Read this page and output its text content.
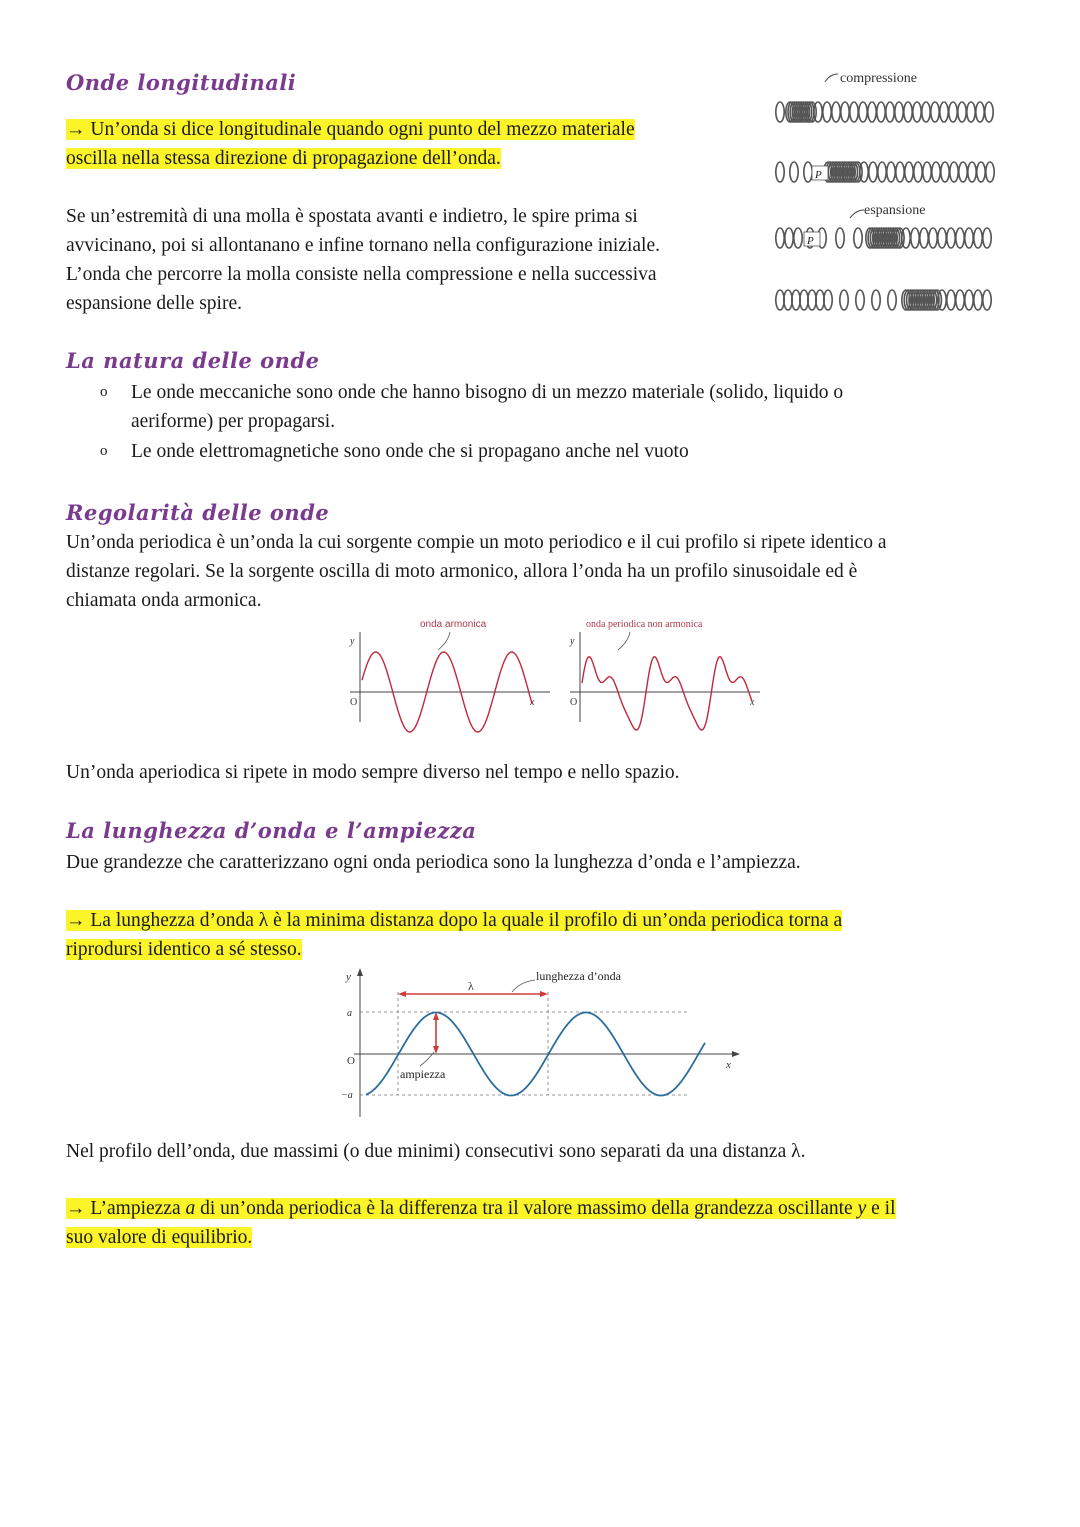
Onde longitudinali
→ Un’onda si dice longitudinale quando ogni punto del mezzo materiale
oscilla nella stessa direzione di propagazione dell’onda.
Se un’estremità di una molla è spostata avanti e indietro, le spire prima si
avvicinano, poi si allontanano e infine tornano nella configurazione iniziale.
L’onda che percorre la molla consiste nella compressione e nella successiva
espansione delle spire.
compressione
espansione
P
P
La natura delle onde
o Le onde meccaniche sono onde che hanno bisogno di un mezzo materiale (solido, liquido o
aeriforme) per propagarsi.
o Le onde elettromagnetiche sono onde che si propagano anche nel vuoto
Regolarità delle onde
Un’onda periodica è un’onda la cui sorgente compie un moto periodico e il cui profilo si ripete identico a
distanze regolari. Se la sorgente oscilla di moto armonico, allora l’onda ha un profilo sinusoidale ed è
chiamata onda armonica.
onda armonica
y
x
O
onda periodica non armonica
y
x
O
Un’onda aperiodica si ripete in modo sempre diverso nel tempo e nello spazio.
La lunghezza d’onda e l’ampiezza
Due grandezze che caratterizzano ogni onda periodica sono la lunghezza d’onda e l’ampiezza.
→ La lunghezza d’onda λ è la minima distanza dopo la quale il profilo di un’onda periodica torna a
riprodursi identico a sé stesso.
y
x
O
a
−a
λ
lunghezza d’onda
ampiezza
Nel profilo dell’onda, due massimi (o due minimi) consecutivi sono separati da una distanza λ.
→ L’ampiezza a di un’onda periodica è la differenza tra il valore massimo della grandezza oscillante y e il
suo valore di equilibrio.
